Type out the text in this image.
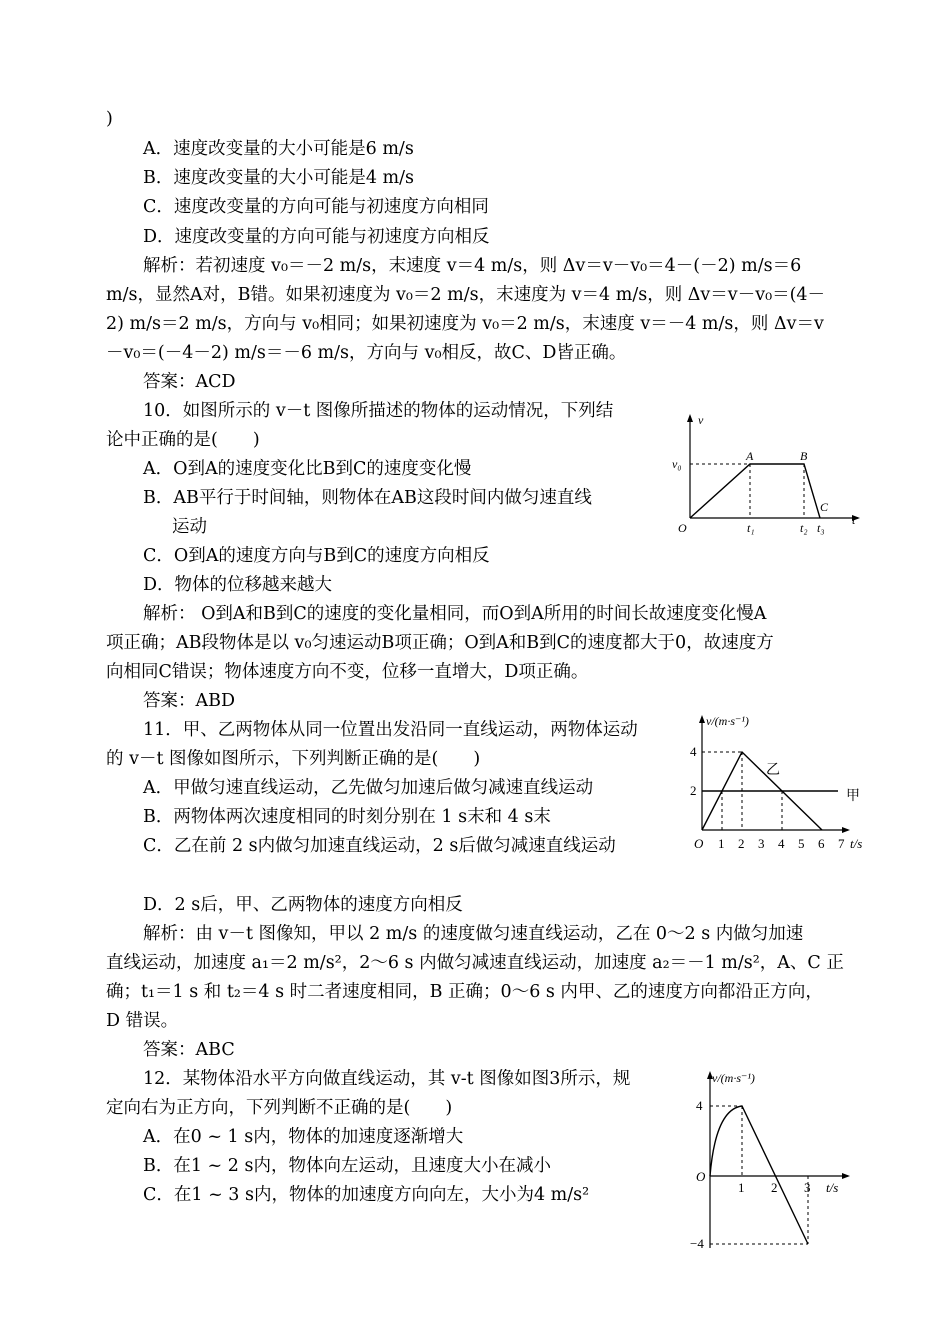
)
A．速度改变量的大小可能是6 m/s
B．速度改变量的大小可能是4 m/s
C．速度改变量的方向可能与初速度方向相同
D．速度改变量的方向可能与初速度方向相反
解析：若初速度 v₀＝－2 m/s，末速度 v＝4 m/s，则 Δv＝v－v₀＝4－(－2) m/s＝6
m/s，显然A对，B错。如果初速度为 v₀＝2 m/s，末速度为 v＝4 m/s，则 Δv＝v－v₀＝(4－
2) m/s＝2 m/s，方向与 v₀相同；如果初速度为 v₀＝2 m/s，末速度 v＝－4 m/s，则 Δv＝v
－v₀＝(－4－2) m/s＝－6 m/s，方向与 v₀相反，故C、D皆正确。
答案：ACD
10．如图所示的 v－t 图像所描述的物体的运动情况，下列结
论中正确的是(　　)
A．O到A的速度变化比B到C的速度变化慢
B．AB平行于时间轴，则物体在AB这段时间内做匀速直线
运动
C．O到A的速度方向与B到C的速度方向相反
D．物体的位移越来越大
解析： O到A和B到C的速度的变化量相同，而O到A所用的时间长故速度变化慢A
项正确；AB段物体是以 v₀匀速运动B项正确；O到A和B到C的速度都大于0，故速度方
向相同C错误；物体速度方向不变，位移一直增大，D项正确。
答案：ABD
v
v₀
A	B
C
O	t₁	t₂ t₃
t
11．甲、乙两物体从同一位置出发沿同一直线运动，两物体运动
的 v－t 图像如图所示，下列判断正确的是(　　)
A．甲做匀速直线运动，乙先做匀加速后做匀减速直线运动
B．两物体两次速度相同的时刻分别在 1 s末和 4 s末
C．乙在前 2 s内做匀加速直线运动，2 s后做匀减速直线运动
D．2 s后，甲、乙两物体的速度方向相反
解析：由 v－t 图像知，甲以 2 m/s 的速度做匀速直线运动，乙在 0～2 s 内做匀加速
直线运动，加速度 a₁＝2 m/s²，2～6 s 内做匀减速直线运动，加速度 a₂＝－1 m/s²，A、C 正
确；t₁＝1 s 和 t₂＝4 s 时二者速度相同，B 正确；0～6 s 内甲、乙的速度方向都沿正方向，
D 错误。
答案：ABC
v/(m·s⁻¹)
4
2
O 1 2 3 4 5 6 7 t/s
甲
乙
12．某物体沿水平方向做直线运动，其 v-t 图像如图3所示，规
定向右为正方向，下列判断不正确的是(　　)
A．在0 ~ 1 s内，物体的加速度逐渐增大
B．在1 ~ 2 s内，物体向左运动，且速度大小在减小
C．在1 ~ 3 s内，物体的加速度方向向左，大小为4 m/s²
v/(m·s⁻¹)
4
−4
O
1 2 3 t/s
